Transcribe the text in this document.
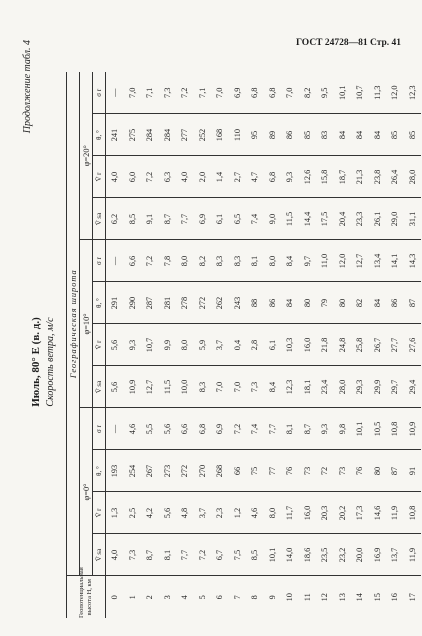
ГОСТ 24728—81 Стр. 41
Продолжение табл. 4
Июль, 80° Е (в. д.) Скорость ветра, м/с
Геопотенциальная высота H, км	Географическая широта											
	φ=0°				φ=10°				φ=20°			
	V̄ sa	V̄ r	θ, °	σ r	V̄ sa	V̄ r	θ, °	σ r	V̄ sa	V̄ r	θ, °	σ r
0	4,0	1,3	193	—	5,6	5,6	291	—	6,2	4,0	241	—
1	7,3	2,5	254	4,6	10,9	9,3	290	6,6	8,5	6,0	275	7,0
2	8,7	4,2	267	5,5	12,7	10,7	287	7,2	9,1	7,2	284	7,1
3	8,1	5,6	273	5,6	11,5	9,9	281	7,8	8,7	6,3	284	7,3
4	7,7	4,8	272	6,6	10,0	8,0	278	8,0	7,7	4,0	277	7,2
5	7,2	3,7	270	6,8	8,3	5,9	272	8,2	6,9	2,0	252	7,1
6	6,7	2,3	268	6,9	7,0	3,7	262	8,3	6,1	1,4	168	7,0
7	7,5	1,2	66	7,2	7,0	0,4	243	8,3	6,5	2,7	110	6,9
8	8,5	4,6	75	7,4	7,3	2,8	88	8,1	7,4	4,7	95	6,8
9	10,1	8,0	77	7,7	8,4	6,1	86	8,0	9,0	6,8	89	6,8
10	14,0	11,7	76	8,1	12,3	10,3	84	8,4	11,5	9,3	86	7,0
11	18,6	16,0	73	8,7	18,1	16,0	80	9,7	14,4	12,6	85	8,2
12	23,5	20,3	72	9,3	23,4	21,8	79	11,0	17,5	15,8	83	9,5
13	23,2	20,2	73	9,8	28,0	24,8	80	12,0	20,4	18,7	84	10,1
14	20,0	17,3	76	10,1	29,3	25,8	82	12,7	23,3	21,3	84	10,7
15	16,9	14,6	80	10,5	29,9	26,7	84	13,4	26,1	23,8	84	11,3
16	13,7	11,9	87	10,8	29,7	27,7	86	14,1	29,0	26,4	85	12,0
17	11,9	10,8	91	10,9	29,4	27,6	87	14,3	31,1	28,0	85	12,3
